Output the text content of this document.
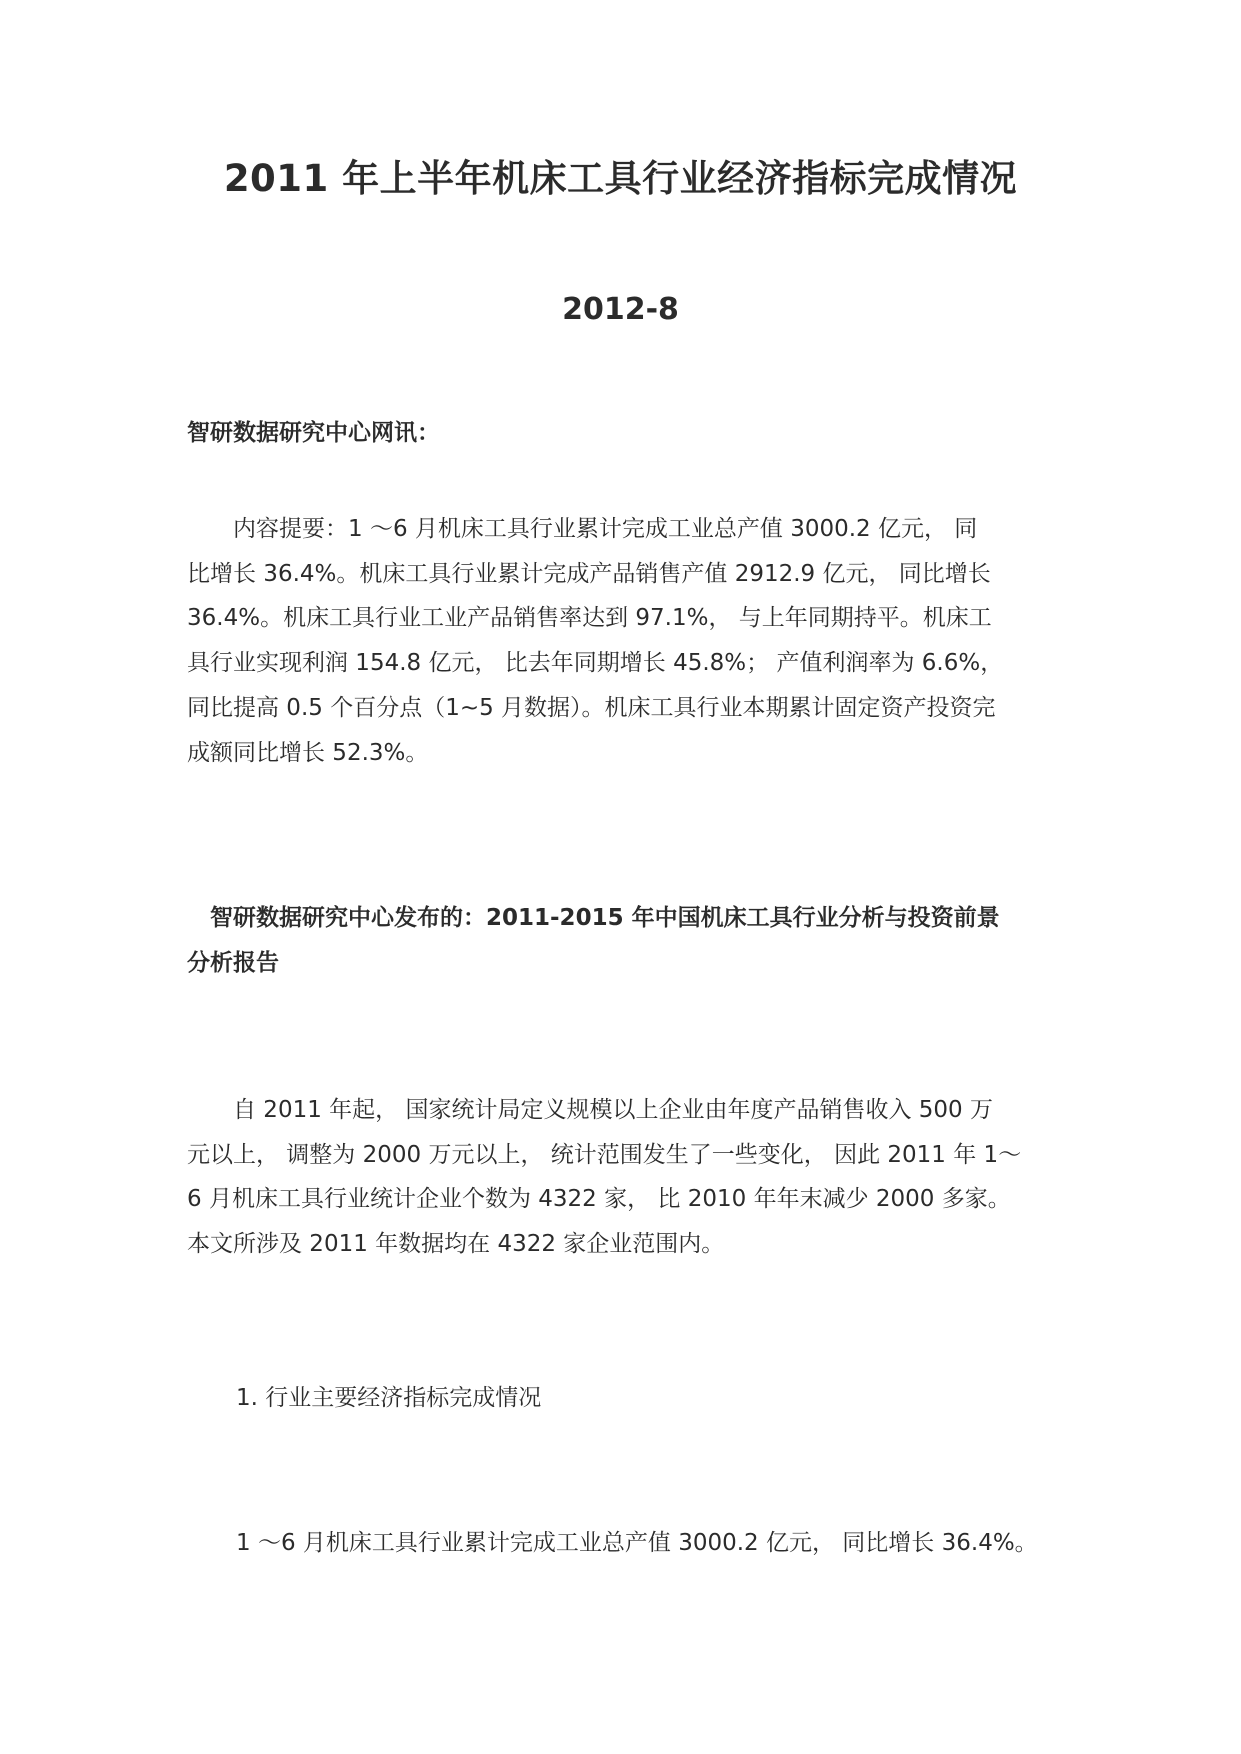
2011 年上半年机床工具行业经济指标完成情况
2012-8
智研数据研究中心网讯：
　　内容提要：1 ～6 月机床工具行业累计完成工业总产值 3000.2 亿元， 同
比增长 36.4%。机床工具行业累计完成产品销售产值 2912.9 亿元， 同比增长
36.4%。机床工具行业工业产品销售率达到 97.1%， 与上年同期持平。机床工
具行业实现利润 154.8 亿元， 比去年同期增长 45.8%； 产值利润率为 6.6%，
同比提高 0.5 个百分点（1~5 月数据）。机床工具行业本期累计固定资产投资完
成额同比增长 52.3%。
　智研数据研究中心发布的：2011-2015 年中国机床工具行业分析与投资前景
分析报告
　　自 2011 年起， 国家统计局定义规模以上企业由年度产品销售收入 500 万
元以上， 调整为 2000 万元以上， 统计范围发生了一些变化， 因此 2011 年 1～
6 月机床工具行业统计企业个数为 4322 家， 比 2010 年年末减少 2000 多家。
本文所涉及 2011 年数据均在 4322 家企业范围内。
1. 行业主要经济指标完成情况
1 ～6 月机床工具行业累计完成工业总产值 3000.2 亿元， 同比增长 36.4%。
